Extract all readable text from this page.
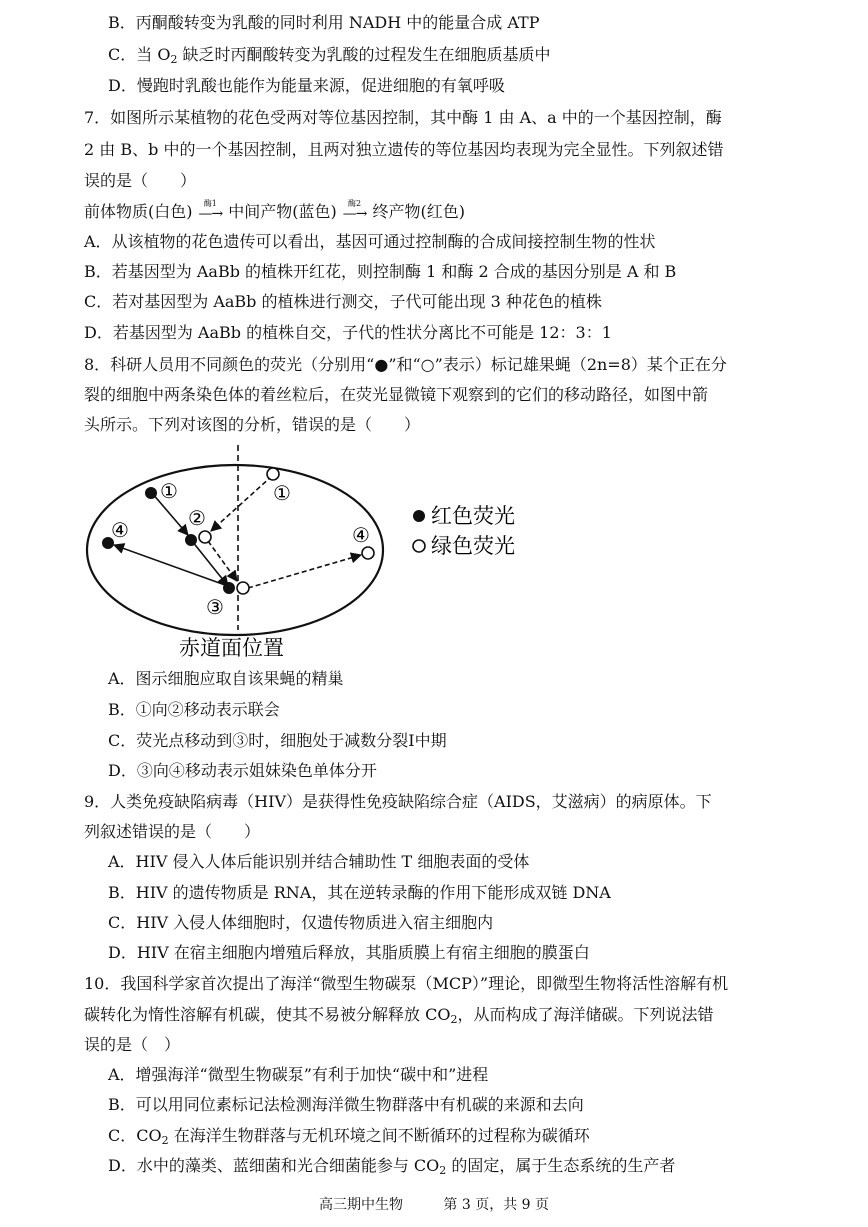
B．丙酮酸转变为乳酸的同时利用 NADH 中的能量合成 ATP
C．当 $O_2$ 缺乏时丙酮酸转变为乳酸的过程发生在细胞质基质中
D．慢跑时乳酸也能作为能量来源，促进细胞的有氧呼吸
7．如图所示某植物的花色受两对等位基因控制，其中酶 1 由 A、a 中的一个基因控制，酶
2 由 B、b 中的一个基因控制，且两对独立遗传的等位基因均表现为完全显性。下列叙述错
误的是（　　）
前体物质(白色) 酶1
—→ 中间产物(蓝色) 酶2
—→ 终产物(红色)
A．从该植物的花色遗传可以看出，基因可通过控制酶的合成间接控制生物的性状
B．若基因型为 AaBb 的植株开红花，则控制酶 1 和酶 2 合成的基因分别是 A 和 B
C．若对基因型为 AaBb 的植株进行测交，子代可能出现 3 种花色的植株
D．若基因型为 AaBb 的植株自交，子代的性状分离比不可能是 12：3：1
8．科研人员用不同颜色的荧光（分别用“●”和“○”表示）标记雄果蝇（2n=8）某个正在分
裂的细胞中两条染色体的着丝粒后，在荧光显微镜下观察到的它们的移动路径，如图中箭
头所示。下列对该图的分析，错误的是（　　）
①
②
③
④
①
④
红色荧光
绿色荧光
赤道面位置
A．图示细胞应取自该果蝇的精巢
B．①向②移动表示联会
C．荧光点移动到③时，细胞处于减数分裂Ⅰ中期
D．③向④移动表示姐妹染色单体分开
9．人类免疫缺陷病毒（HIV）是获得性免疫缺陷综合症（AIDS，艾滋病）的病原体。下
列叙述错误的是（　　）
A．HIV 侵入人体后能识别并结合辅助性 T 细胞表面的受体
B．HIV 的遗传物质是 RNA，其在逆转录酶的作用下能形成双链 DNA
C．HIV 入侵人体细胞时，仅遗传物质进入宿主细胞内
D．HIV 在宿主细胞内增殖后释放，其脂质膜上有宿主细胞的膜蛋白
10．我国科学家首次提出了海洋“微型生物碳泵（MCP）”理论，即微型生物将活性溶解有机
碳转化为惰性溶解有机碳，使其不易被分解释放 $CO_2$，从而构成了海洋储碳。下列说法错
误的是（　）
A．增强海洋“微型生物碳泵”有利于加快“碳中和”进程
B．可以用同位素标记法检测海洋微生物群落中有机碳的来源和去向
C．$CO_2$ 在海洋生物群落与无机环境之间不断循环的过程称为碳循环
D．水中的藻类、蓝细菌和光合细菌能参与 $CO_2$ 的固定，属于生态系统的生产者
高三期中生物	第 3 页，共 9 页
